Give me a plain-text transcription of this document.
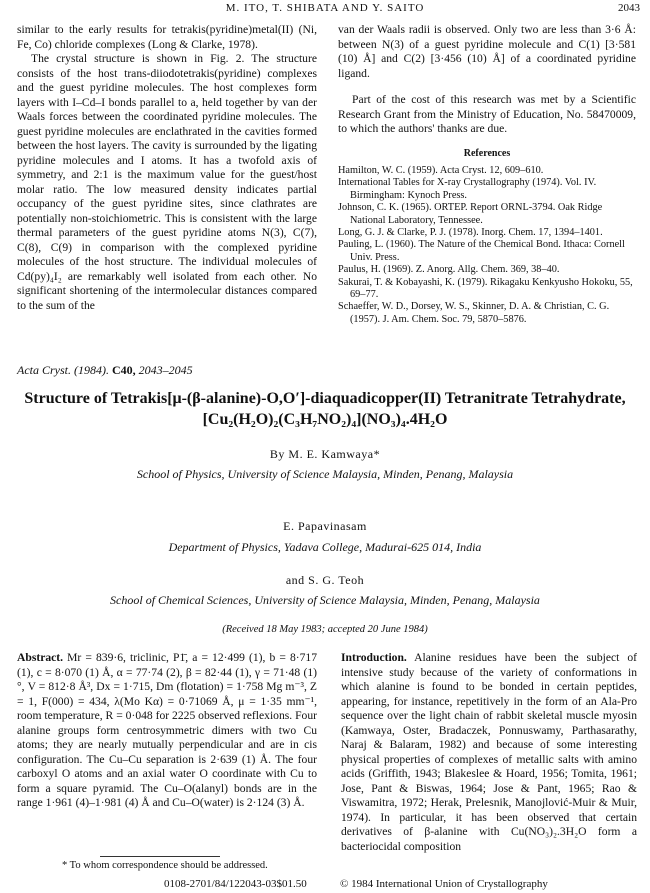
M. ITO, T. SHIBATA AND Y. SAITO	2043

similar to the early results for tetrakis(pyridine)metal(II) (Ni, Fe, Co) chloride complexes (Long & Clarke, 1978).

The crystal structure is shown in Fig. 2. The structure consists of the host trans-diiodotetrakis(pyridine) complexes and the guest pyridine molecules. The host complexes form layers with I–Cd–I bonds parallel to a, held together by van der Waals forces between the coordinated pyridine molecules. The guest pyridine molecules are enclathrated in the cavities formed between the host layers. The cavity is surrounded by the ligating pyridine molecules and I atoms. It has a twofold axis of symmetry, and 2:1 is the maximum value for the guest/host molar ratio. The low measured density indicates partial occupancy of the guest pyridine sites, since clathrates are potentially non-stoichiometric. This is consistent with the large thermal parameters of the guest pyridine atoms N(3), C(7), C(8), C(9) in comparison with the complexed pyridine molecules of the host structure. The individual molecules of Cd(py)₄I₂ are remarkably well isolated from each other. No significant shortening of the intermolecular distances compared to the sum of the

van der Waals radii is observed. Only two are less than 3·6 Å: between N(3) of a guest pyridine molecule and C(1) [3·581 (10) Å] and C(2) [3·456 (10) Å] of a coordinated pyridine ligand.

Part of the cost of this research was met by a Scientific Research Grant from the Ministry of Education, No. 58470009, to which the authors' thanks are due.

References
Hamilton, W. C. (1959). Acta Cryst. 12, 609–610.
International Tables for X-ray Crystallography (1974). Vol. IV. Birmingham: Kynoch Press.
Johnson, C. K. (1965). ORTEP. Report ORNL-3794. Oak Ridge National Laboratory, Tennessee.
Long, G. J. & Clarke, P. J. (1978). Inorg. Chem. 17, 1394–1401.
Pauling, L. (1960). The Nature of the Chemical Bond. Ithaca: Cornell Univ. Press.
Paulus, H. (1969). Z. Anorg. Allg. Chem. 369, 38–40.
Sakurai, T. & Kobayashi, K. (1979). Rikagaku Kenkyusho Hokoku, 55, 69–77.
Schaeffer, W. D., Dorsey, W. S., Skinner, D. A. & Christian, C. G. (1957). J. Am. Chem. Soc. 79, 5870–5876.
Acta Cryst. (1984). C40, 2043–2045
Structure of Tetrakis[μ-(β-alanine)-O,O′]-diaquadicopper(II) Tetranitrate Tetrahydrate,
[Cu₂(H₂O)₂(C₃H₇NO₂)₄](NO₃)₄.4H₂O
By M. E. Kamwaya*
School of Physics, University of Science Malaysia, Minden, Penang, Malaysia
E. Papavinasam
Department of Physics, Yadava College, Madurai-625 014, India
and S. G. Teoh
School of Chemical Sciences, University of Science Malaysia, Minden, Penang, Malaysia
(Received 18 May 1983; accepted 20 June 1984)

Abstract. Mr = 839·6, triclinic, P1̄, a = 12·499 (1), b = 8·717 (1), c = 8·070 (1) Å, α = 77·74 (2), β = 82·44 (1), γ = 71·48 (1)°, V = 812·8 Å³, Dx = 1·715, Dm (flotation) = 1·758 Mg m⁻³, Z = 1, F(000) = 434, λ(Mo Kα) = 0·71069 Å, μ = 1·35 mm⁻¹, room temperature, R = 0·048 for 2225 observed reflexions. Four alanine groups form centrosymmetric dimers with two Cu atoms; they are nearly mutually perpendicular and are in cis configuration. The Cu–Cu separation is 2·639 (1) Å. The four carboxyl O atoms and an axial water O coordinate with Cu to form a square pyramid. The Cu–O(alanyl) bonds are in the range 1·961 (4)–1·981 (4) Å and Cu–O(water) is 2·124 (3) Å.

Introduction. Alanine residues have been the subject of intensive study because of the variety of conformations in which alanine is found to be bonded in certain peptides, appearing, for instance, repetitively in the form of an Ala-Pro sequence over the light chain of rabbit skeletal muscle myosin (Kamwaya, Oster, Bradaczek, Ponnuswamy, Parthasarathy, Naraj & Balaram, 1982) and because of some interesting physical properties of complexes of metallic salts with amino acids (Griffith, 1943; Blakeslee & Hoard, 1956; Tomita, 1961; Jose, Pant & Biswas, 1964; Jose & Pant, 1965; Rao & Viswamitra, 1972; Herak, Prelesnik, Manojlović-Muir & Muir, 1974). In particular, it has been observed that certain derivatives of β-alanine with Cu(NO₃)₂.3H₂O form a bacteriocidal composition

* To whom correspondence should be addressed.
0108-2701/84/122043-03$01.50	© 1984 International Union of Crystallography
